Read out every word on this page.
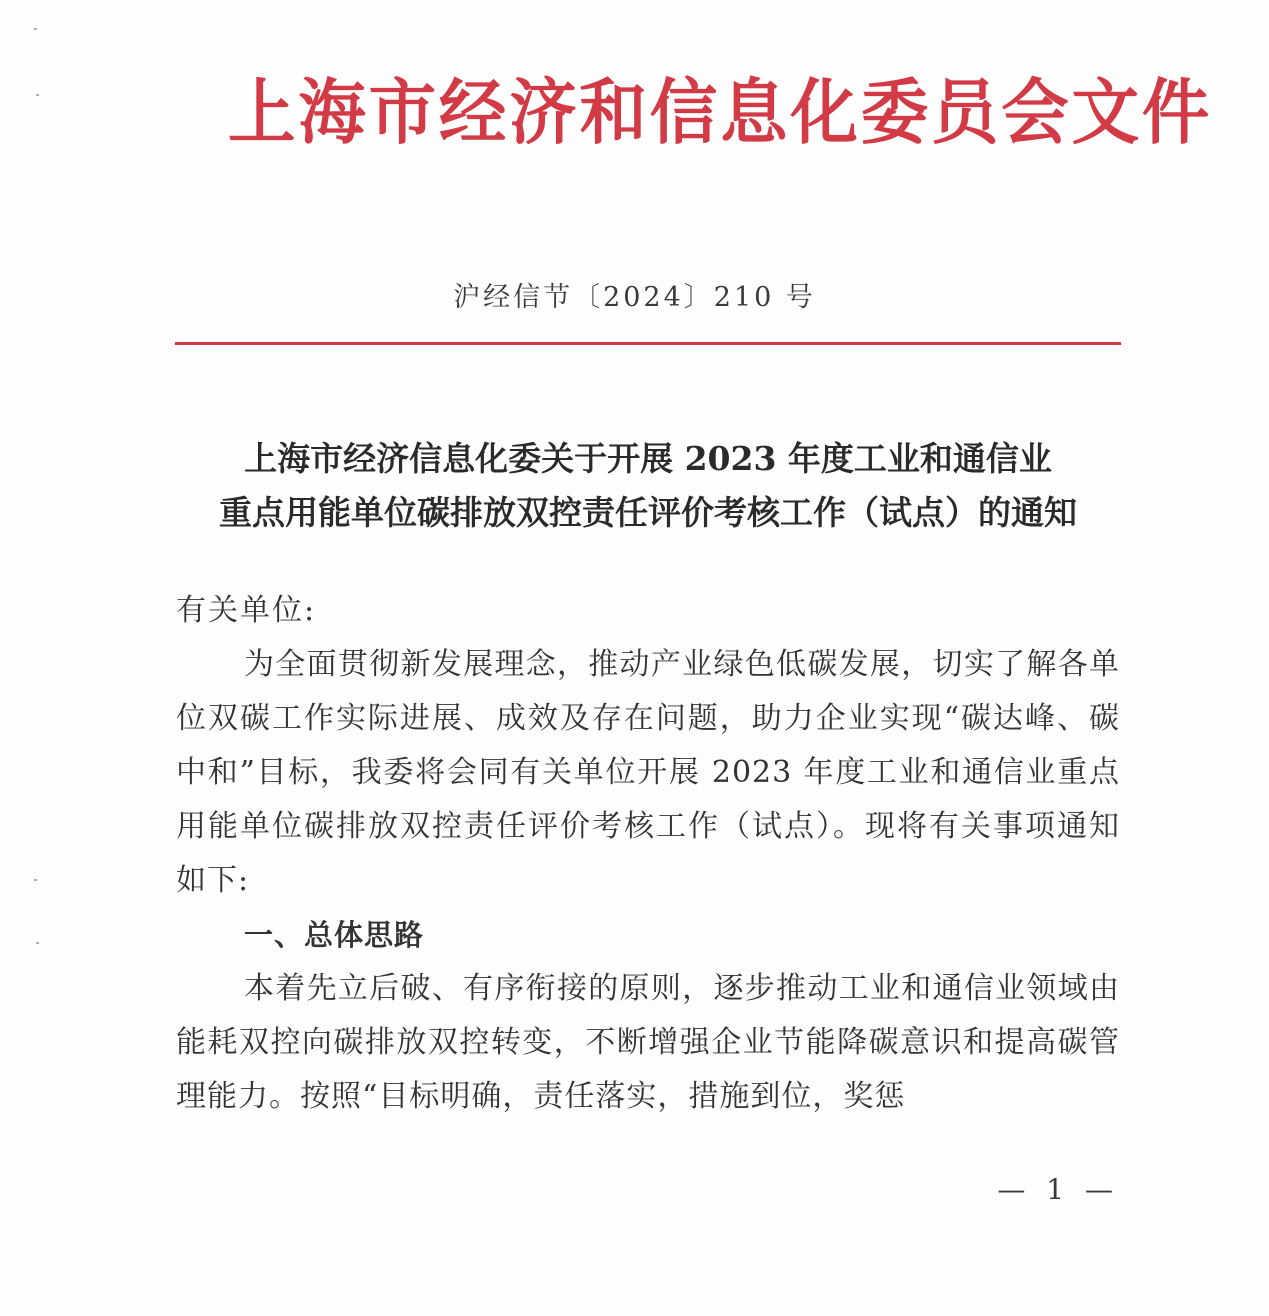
上海市经济和信息化委员会文件
沪经信节〔2024〕210 号
上海市经济信息化委关于开展 2023 年度工业和通信业
重点用能单位碳排放双控责任评价考核工作（试点）的通知

有关单位:

为全面贯彻新发展理念，推动产业绿色低碳发展，切实了解各单位双碳工作实际进展、成效及存在问题，助力企业实现“碳达峰、碳中和”目标，我委将会同有关单位开展 2023 年度工业和通信业重点用能单位碳排放双控责任评价考核工作（试点）。现将有关事项通知如下:

一、总体思路

本着先立后破、有序衔接的原则，逐步推动工业和通信业领域由能耗双控向碳排放双控转变，不断增强企业节能降碳意识和提高碳管理能力。按照“目标明确，责任落实，措施到位，奖惩

— 1 —
